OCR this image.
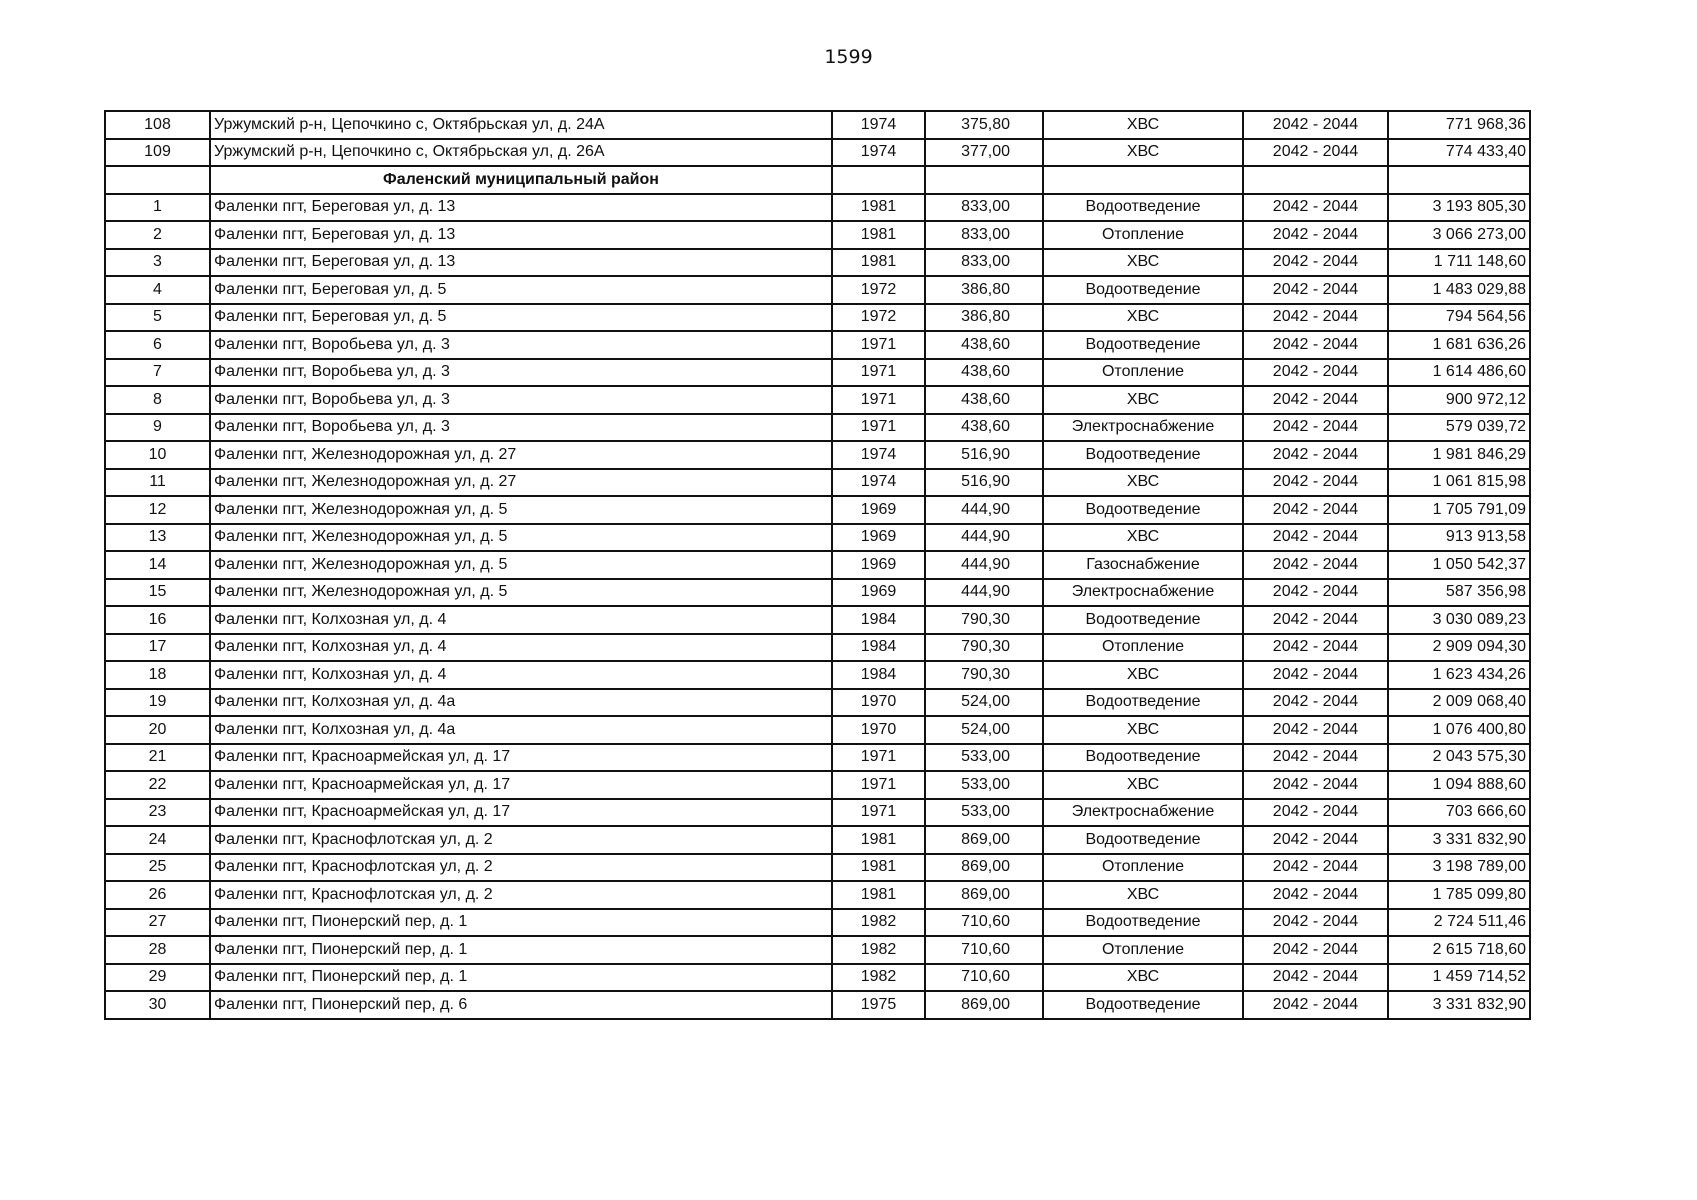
1599
108	Уржумский р-н, Цепочкино с, Октябрьская ул, д. 24А	1974	375,80	ХВС	2042 - 2044	771 968,36
109	Уржумский р-н, Цепочкино с, Октябрьская ул, д. 26А	1974	377,00	ХВС	2042 - 2044	774 433,40
	Фаленский муниципальный район					
1	Фаленки пгт, Береговая ул, д. 13	1981	833,00	Водоотведение	2042 - 2044	3 193 805,30
2	Фаленки пгт, Береговая ул, д. 13	1981	833,00	Отопление	2042 - 2044	3 066 273,00
3	Фаленки пгт, Береговая ул, д. 13	1981	833,00	ХВС	2042 - 2044	1 711 148,60
4	Фаленки пгт, Береговая ул, д. 5	1972	386,80	Водоотведение	2042 - 2044	1 483 029,88
5	Фаленки пгт, Береговая ул, д. 5	1972	386,80	ХВС	2042 - 2044	794 564,56
6	Фаленки пгт, Воробьева ул, д. 3	1971	438,60	Водоотведение	2042 - 2044	1 681 636,26
7	Фаленки пгт, Воробьева ул, д. 3	1971	438,60	Отопление	2042 - 2044	1 614 486,60
8	Фаленки пгт, Воробьева ул, д. 3	1971	438,60	ХВС	2042 - 2044	900 972,12
9	Фаленки пгт, Воробьева ул, д. 3	1971	438,60	Электроснабжение	2042 - 2044	579 039,72
10	Фаленки пгт, Железнодорожная ул, д. 27	1974	516,90	Водоотведение	2042 - 2044	1 981 846,29
11	Фаленки пгт, Железнодорожная ул, д. 27	1974	516,90	ХВС	2042 - 2044	1 061 815,98
12	Фаленки пгт, Железнодорожная ул, д. 5	1969	444,90	Водоотведение	2042 - 2044	1 705 791,09
13	Фаленки пгт, Железнодорожная ул, д. 5	1969	444,90	ХВС	2042 - 2044	913 913,58
14	Фаленки пгт, Железнодорожная ул, д. 5	1969	444,90	Газоснабжение	2042 - 2044	1 050 542,37
15	Фаленки пгт, Железнодорожная ул, д. 5	1969	444,90	Электроснабжение	2042 - 2044	587 356,98
16	Фаленки пгт, Колхозная ул, д. 4	1984	790,30	Водоотведение	2042 - 2044	3 030 089,23
17	Фаленки пгт, Колхозная ул, д. 4	1984	790,30	Отопление	2042 - 2044	2 909 094,30
18	Фаленки пгт, Колхозная ул, д. 4	1984	790,30	ХВС	2042 - 2044	1 623 434,26
19	Фаленки пгт, Колхозная ул, д. 4а	1970	524,00	Водоотведение	2042 - 2044	2 009 068,40
20	Фаленки пгт, Колхозная ул, д. 4а	1970	524,00	ХВС	2042 - 2044	1 076 400,80
21	Фаленки пгт, Красноармейская ул, д. 17	1971	533,00	Водоотведение	2042 - 2044	2 043 575,30
22	Фаленки пгт, Красноармейская ул, д. 17	1971	533,00	ХВС	2042 - 2044	1 094 888,60
23	Фаленки пгт, Красноармейская ул, д. 17	1971	533,00	Электроснабжение	2042 - 2044	703 666,60
24	Фаленки пгт, Краснофлотская ул, д. 2	1981	869,00	Водоотведение	2042 - 2044	3 331 832,90
25	Фаленки пгт, Краснофлотская ул, д. 2	1981	869,00	Отопление	2042 - 2044	3 198 789,00
26	Фаленки пгт, Краснофлотская ул, д. 2	1981	869,00	ХВС	2042 - 2044	1 785 099,80
27	Фаленки пгт, Пионерский пер, д. 1	1982	710,60	Водоотведение	2042 - 2044	2 724 511,46
28	Фаленки пгт, Пионерский пер, д. 1	1982	710,60	Отопление	2042 - 2044	2 615 718,60
29	Фаленки пгт, Пионерский пер, д. 1	1982	710,60	ХВС	2042 - 2044	1 459 714,52
30	Фаленки пгт, Пионерский пер, д. 6	1975	869,00	Водоотведение	2042 - 2044	3 331 832,90
